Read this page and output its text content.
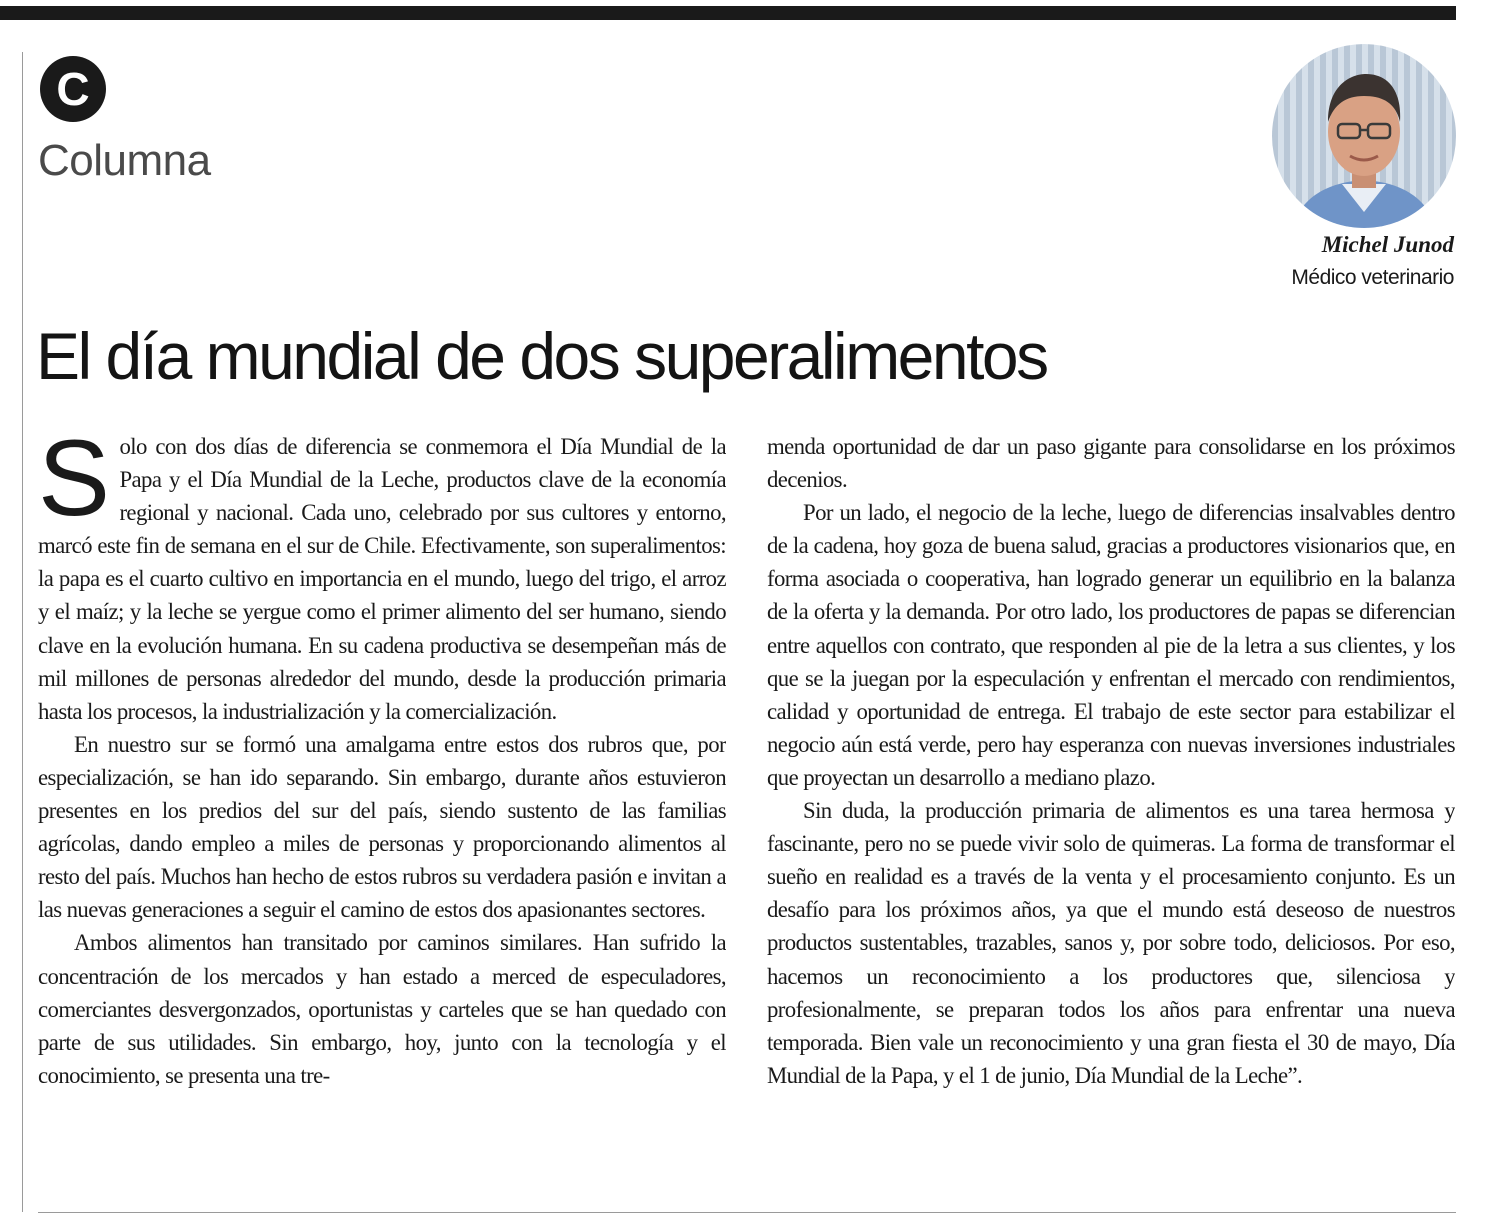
C
Columna
Michel Junod
Médico veterinario
El día mundial de dos superalimentos

Solo con dos días de diferencia se conmemora el Día Mundial de la Papa y el Día Mundial de la Leche, productos clave de la economía regional y nacional. Cada uno, celebrado por sus cultores y entorno, marcó este fin de semana en el sur de Chile. Efectivamente, son superalimentos: la papa es el cuarto cultivo en importancia en el mundo, luego del trigo, el arroz y el maíz; y la leche se yergue como el primer alimento del ser humano, siendo clave en la evolución humana. En su cadena productiva se desempeñan más de mil millones de personas alrededor del mundo, desde la producción primaria hasta los procesos, la industrialización y la comercialización.

En nuestro sur se formó una amalgama entre estos dos rubros que, por especialización, se han ido separando. Sin embargo, durante años estuvieron presentes en los predios del sur del país, siendo sustento de las familias agrícolas, dando empleo a miles de personas y proporcionando alimentos al resto del país. Muchos han hecho de estos rubros su verdadera pasión e invitan a las nuevas generaciones a seguir el camino de estos dos apasionantes sectores.

Ambos alimentos han transitado por caminos similares. Han sufrido la concentración de los mercados y han estado a merced de especuladores, comerciantes desvergonzados, oportunistas y carteles que se han quedado con parte de sus utilidades. Sin embargo, hoy, junto con la tecnología y el conocimiento, se presenta una tre-

menda oportunidad de dar un paso gigante para consolidarse en los próximos decenios.

Por un lado, el negocio de la leche, luego de diferencias insalvables dentro de la cadena, hoy goza de buena salud, gracias a productores visionarios que, en forma asociada o cooperativa, han logrado generar un equilibrio en la balanza de la oferta y la demanda. Por otro lado, los productores de papas se diferencian entre aquellos con contrato, que responden al pie de la letra a sus clientes, y los que se la juegan por la especulación y enfrentan el mercado con rendimientos, calidad y oportunidad de entrega. El trabajo de este sector para estabilizar el negocio aún está verde, pero hay esperanza con nuevas inversiones industriales que proyectan un desarrollo a mediano plazo.

Sin duda, la producción primaria de alimentos es una tarea hermosa y fascinante, pero no se puede vivir solo de quimeras. La forma de transformar el sueño en realidad es a través de la venta y el procesamiento conjunto. Es un desafío para los próximos años, ya que el mundo está deseoso de nuestros productos sustentables, trazables, sanos y, por sobre todo, deliciosos. Por eso, hacemos un reconocimiento a los productores que, silenciosa y profesionalmente, se preparan todos los años para enfrentar una nueva temporada. Bien vale un reconocimiento y una gran fiesta el 30 de mayo, Día Mundial de la Papa, y el 1 de junio, Día Mundial de la Leche”.
